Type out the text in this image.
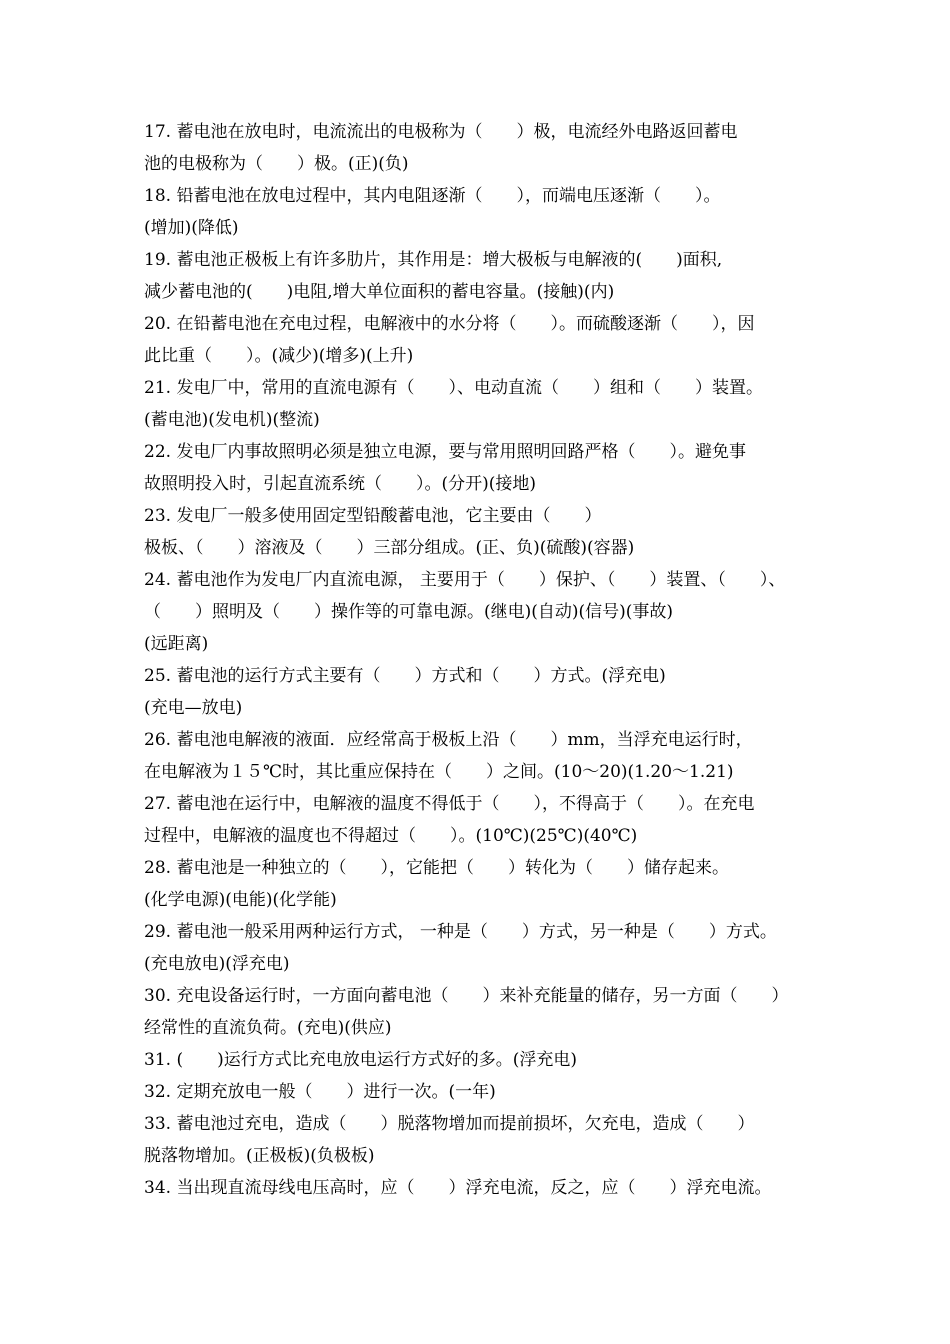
17. 蓄电池在放电时，电流流出的电极称为（　　）极，电流经外电路返回蓄电
池的电极称为（　　）极。(正)(负)
18. 铅蓄电池在放电过程中，其内电阻逐渐（　　），而端电压逐渐（　　）。
(增加)(降低)
19. 蓄电池正极板上有许多肋片，其作用是：增大极板与电解液的(　　)面积,
减少蓄电池的(　　)电阻,增大单位面积的蓄电容量。(接触)(内)
20. 在铅蓄电池在充电过程，电解液中的水分将（　　）。而硫酸逐渐（　　），因
此比重（　　）。(减少)(增多)(上升)
21. 发电厂中，常用的直流电源有（　　）、电动直流（　　）组和（　　）装置。
(蓄电池)(发电机)(整流)
22. 发电厂内事故照明必须是独立电源，要与常用照明回路严格（　　）。避免事
故照明投入时，引起直流系统（　　）。(分开)(接地)
23. 发电厂一般多使用固定型铅酸蓄电池，它主要由（　　）
极板、（　　）溶液及（　　）三部分组成。(正、负)(硫酸)(容器)
24. 蓄电池作为发电厂内直流电源， 主要用于（　　）保护、（　　）装置、（　　）、
（　　）照明及（　　）操作等的可靠电源。(继电)(自动)(信号)(事故)
(远距离)
25. 蓄电池的运行方式主要有（　　）方式和（　　）方式。(浮充电)
(充电—放电)
26. 蓄电池电解液的液面．应经常高于极板上沿（　　）mm，当浮充电运行时，
在电解液为１５℃时，其比重应保持在（　　）之间。(10～20)(1.20～1.21)
27. 蓄电池在运行中，电解液的温度不得低于（　　），不得高于（　　）。在充电
过程中，电解液的温度也不得超过（　　）。(10℃)(25℃)(40℃)
28. 蓄电池是一种独立的（　　），它能把（　　）转化为（　　）储存起来。
(化学电源)(电能)(化学能)
29. 蓄电池一般采用两种运行方式， 一种是（　　）方式，另一种是（　　）方式。
(充电放电)(浮充电)
30. 充电设备运行时，一方面向蓄电池（　　）来补充能量的储存，另一方面（　　）
经常性的直流负荷。(充电)(供应)
31. (　　)运行方式比充电放电运行方式好的多。(浮充电)
32. 定期充放电一般（　　）进行一次。(一年)
33. 蓄电池过充电，造成（　　）脱落物增加而提前损坏，欠充电，造成（　　）
脱落物增加。(正极板)(负极板)
34. 当出现直流母线电压高时，应（　　）浮充电流，反之，应（　　）浮充电流。
